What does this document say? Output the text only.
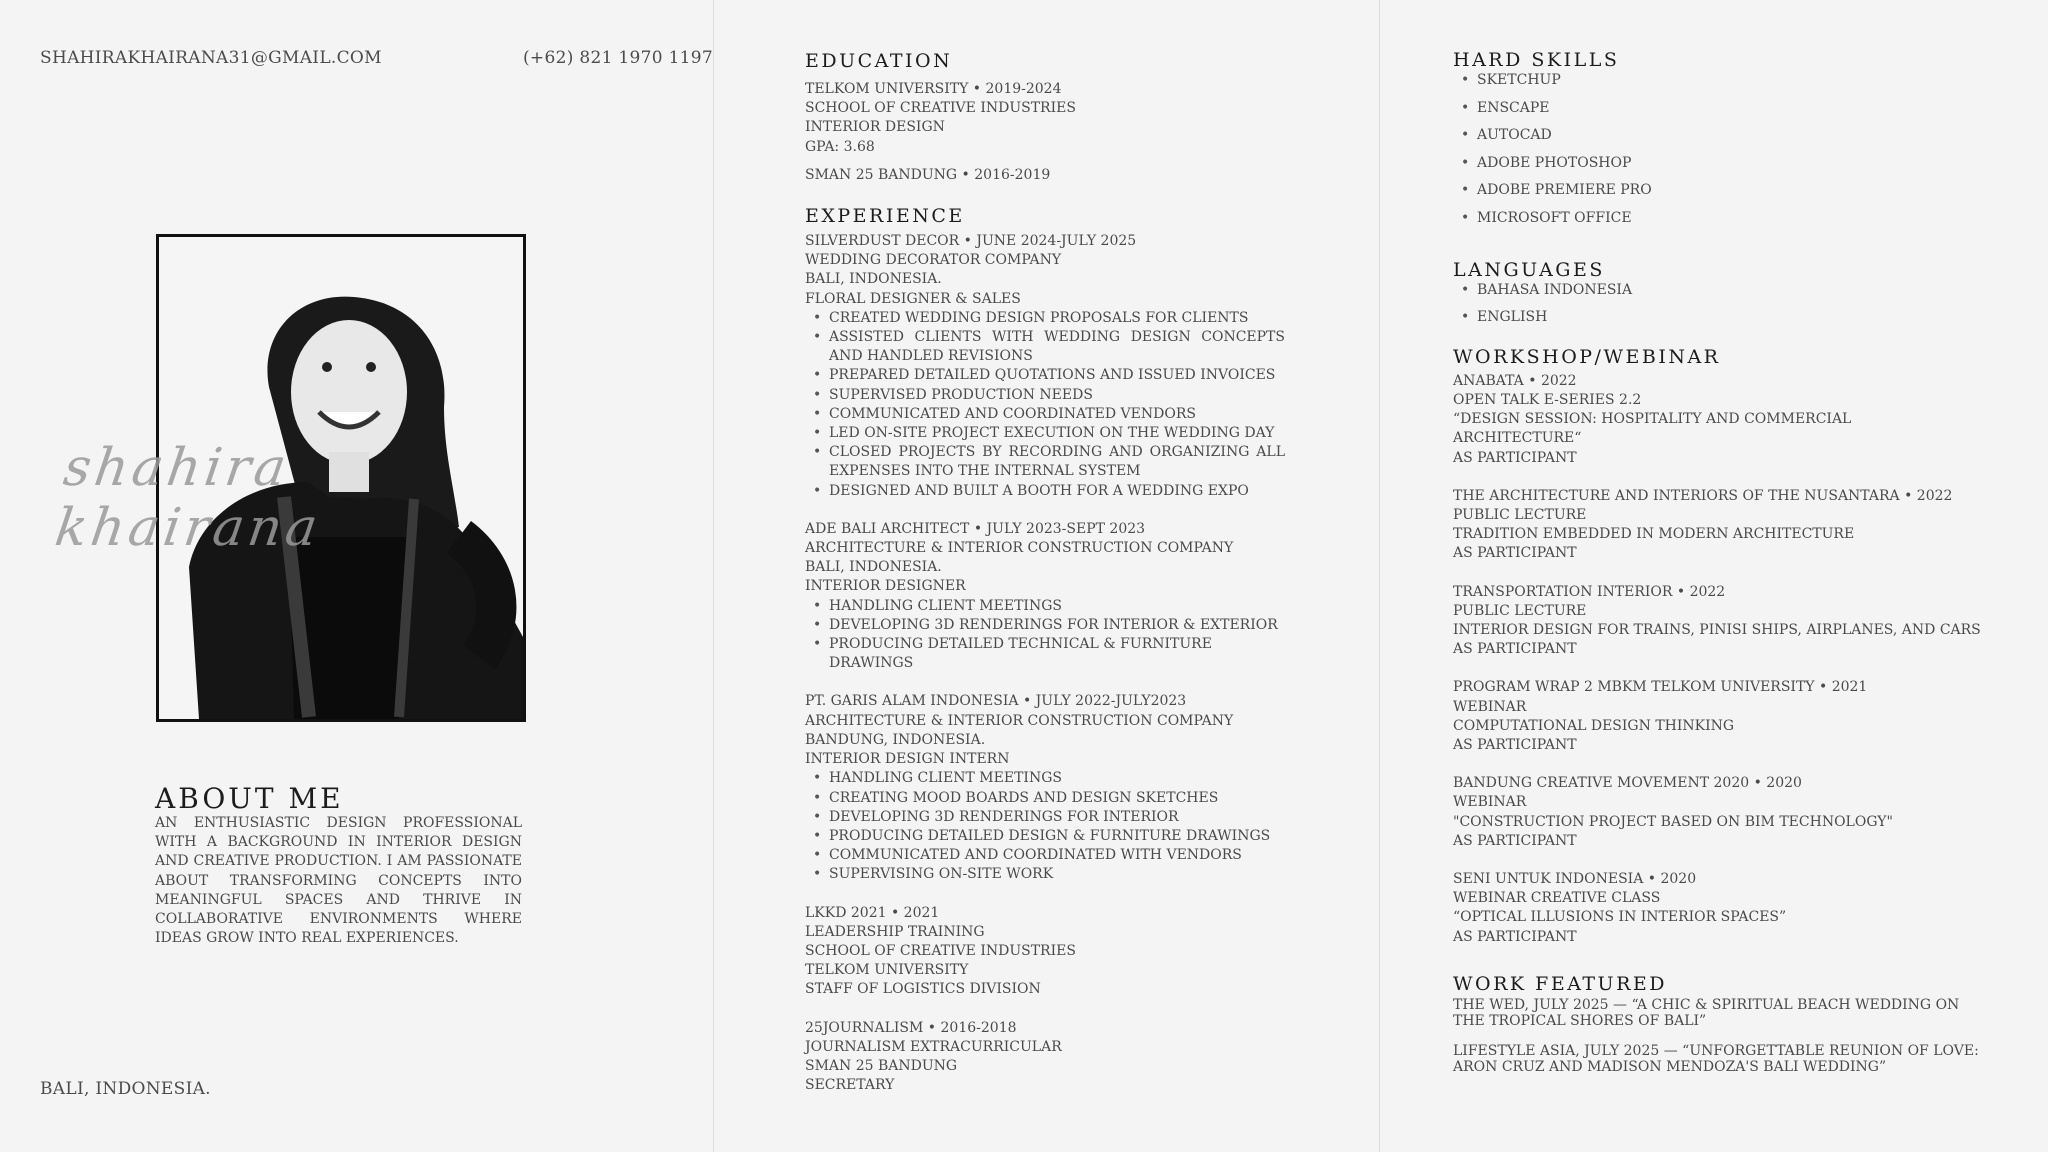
SHAHIRAKHAIRANA31@GMAIL.COM	(+62) 821 1970 1197
shahirakhairana
ABOUT ME
AN ENTHUSIASTIC DESIGN PROFESSIONAL WITH A BACKGROUND IN INTERIOR DESIGN AND CREATIVE PRODUCTION. I AM PASSIONATE ABOUT TRANSFORMING CONCEPTS INTO MEANINGFUL SPACES AND THRIVE IN COLLABORATIVE ENVIRONMENTS WHERE IDEAS GROW INTO REAL EXPERIENCES.
BALI, INDONESIA.
EDUCATION
TELKOM UNIVERSITY • 2019-2024
SCHOOL OF CREATIVE INDUSTRIES
INTERIOR DESIGN
GPA: 3.68
SMAN 25 BANDUNG • 2016-2019
EXPERIENCE
SILVERDUST DECOR • JUNE 2024-JULY 2025
WEDDING DECORATOR COMPANY
BALI, INDONESIA.
FLORAL DESIGNER & SALES
• CREATED WEDDING DESIGN PROPOSALS FOR CLIENTS
• ASSISTED CLIENTS WITH WEDDING DESIGN CONCEPTS AND HANDLED REVISIONS
• PREPARED DETAILED QUOTATIONS AND ISSUED INVOICES
• SUPERVISED PRODUCTION NEEDS
• COMMUNICATED AND COORDINATED VENDORS
• LED ON-SITE PROJECT EXECUTION ON THE WEDDING DAY
• CLOSED PROJECTS BY RECORDING AND ORGANIZING ALL EXPENSES INTO THE INTERNAL SYSTEM
• DESIGNED AND BUILT A BOOTH FOR A WEDDING EXPO
ADE BALI ARCHITECT • JULY 2023-SEPT 2023
ARCHITECTURE & INTERIOR CONSTRUCTION COMPANY
BALI, INDONESIA.
INTERIOR DESIGNER
• HANDLING CLIENT MEETINGS
• DEVELOPING 3D RENDERINGS FOR INTERIOR & EXTERIOR
• PRODUCING DETAILED TECHNICAL & FURNITURE DRAWINGS
PT. GARIS ALAM INDONESIA • JULY 2022-JULY2023
ARCHITECTURE & INTERIOR CONSTRUCTION COMPANY
BANDUNG, INDONESIA.
INTERIOR DESIGN INTERN
• HANDLING CLIENT MEETINGS
• CREATING MOOD BOARDS AND DESIGN SKETCHES
• DEVELOPING 3D RENDERINGS FOR INTERIOR
• PRODUCING DETAILED DESIGN & FURNITURE DRAWINGS
• COMMUNICATED AND COORDINATED WITH VENDORS
• SUPERVISING ON-SITE WORK
LKKD 2021 • 2021
LEADERSHIP TRAINING
SCHOOL OF CREATIVE INDUSTRIES
TELKOM UNIVERSITY
STAFF OF LOGISTICS DIVISION
25JOURNALISM • 2016-2018
JOURNALISM EXTRACURRICULAR
SMAN 25 BANDUNG
SECRETARY
HARD SKILLS
• SKETCHUP
• ENSCAPE
• AUTOCAD
• ADOBE PHOTOSHOP
• ADOBE PREMIERE PRO
• MICROSOFT OFFICE
LANGUAGES
• BAHASA INDONESIA
• ENGLISH
WORKSHOP/WEBINAR
ANABATA • 2022
OPEN TALK E-SERIES 2.2
“DESIGN SESSION: HOSPITALITY AND COMMERCIAL ARCHITECTURE“
AS PARTICIPANT
THE ARCHITECTURE AND INTERIORS OF THE NUSANTARA • 2022
PUBLIC LECTURE
TRADITION EMBEDDED IN MODERN ARCHITECTURE
AS PARTICIPANT
TRANSPORTATION INTERIOR • 2022
PUBLIC LECTURE
INTERIOR DESIGN FOR TRAINS, PINISI SHIPS, AIRPLANES, AND CARS
AS PARTICIPANT
PROGRAM WRAP 2 MBKM TELKOM UNIVERSITY • 2021
WEBINAR
COMPUTATIONAL DESIGN THINKING
AS PARTICIPANT
BANDUNG CREATIVE MOVEMENT 2020 • 2020
WEBINAR
"CONSTRUCTION PROJECT BASED ON BIM TECHNOLOGY"
AS PARTICIPANT
SENI UNTUK INDONESIA • 2020
WEBINAR CREATIVE CLASS
“OPTICAL ILLUSIONS IN INTERIOR SPACES”
AS PARTICIPANT
WORK FEATURED
THE WED, JULY 2025 — “A CHIC & SPIRITUAL BEACH WEDDING ON THE TROPICAL SHORES OF BALI”
LIFESTYLE ASIA, JULY 2025 — “UNFORGETTABLE REUNION OF LOVE: ARON CRUZ AND MADISON MENDOZA'S BALI WEDDING”
